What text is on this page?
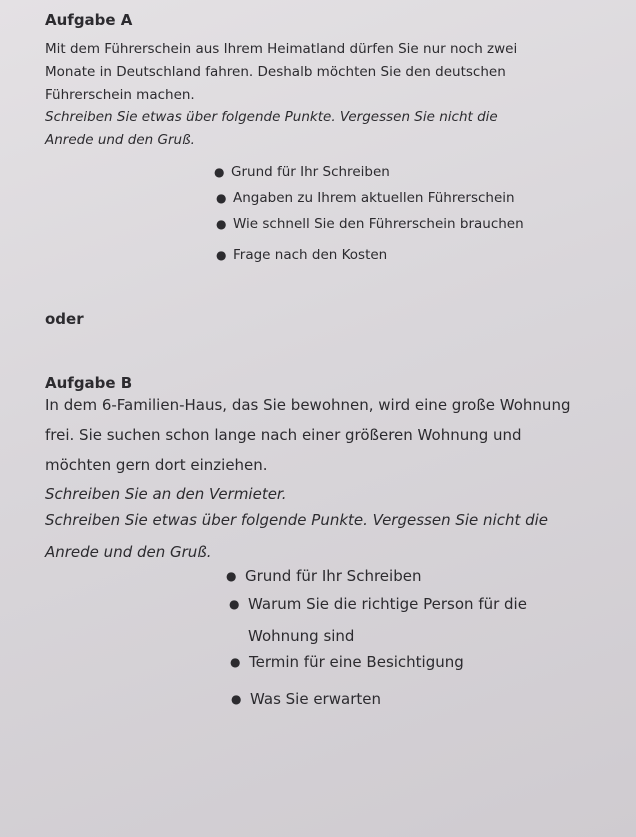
Aufgabe A

Mit dem Führerschein aus Ihrem Heimatland dürfen Sie nur noch zwei Monate in Deutschland fahren. Deshalb möchten Sie den deutschen Führerschein machen.

Schreiben Sie etwas über folgende Punkte. Vergessen Sie nicht die Anrede und den Gruß.

● Grund für Ihr Schreiben
● Angaben zu Ihrem aktuellen Führerschein
● Wie schnell Sie den Führerschein brauchen
● Frage nach den Kosten
oder
Aufgabe B

In dem 6-Familien-Haus, das Sie bewohnen, wird eine große Wohnung frei. Sie suchen schon lange nach einer größeren Wohnung und möchten gern dort einziehen.

Schreiben Sie an den Vermieter.

Schreiben Sie etwas über folgende Punkte. Vergessen Sie nicht die Anrede und den Gruß.

● Grund für Ihr Schreiben
● Warum Sie die richtige Person für die Wohnung sind
● Termin für eine Besichtigung
● Was Sie erwarten
